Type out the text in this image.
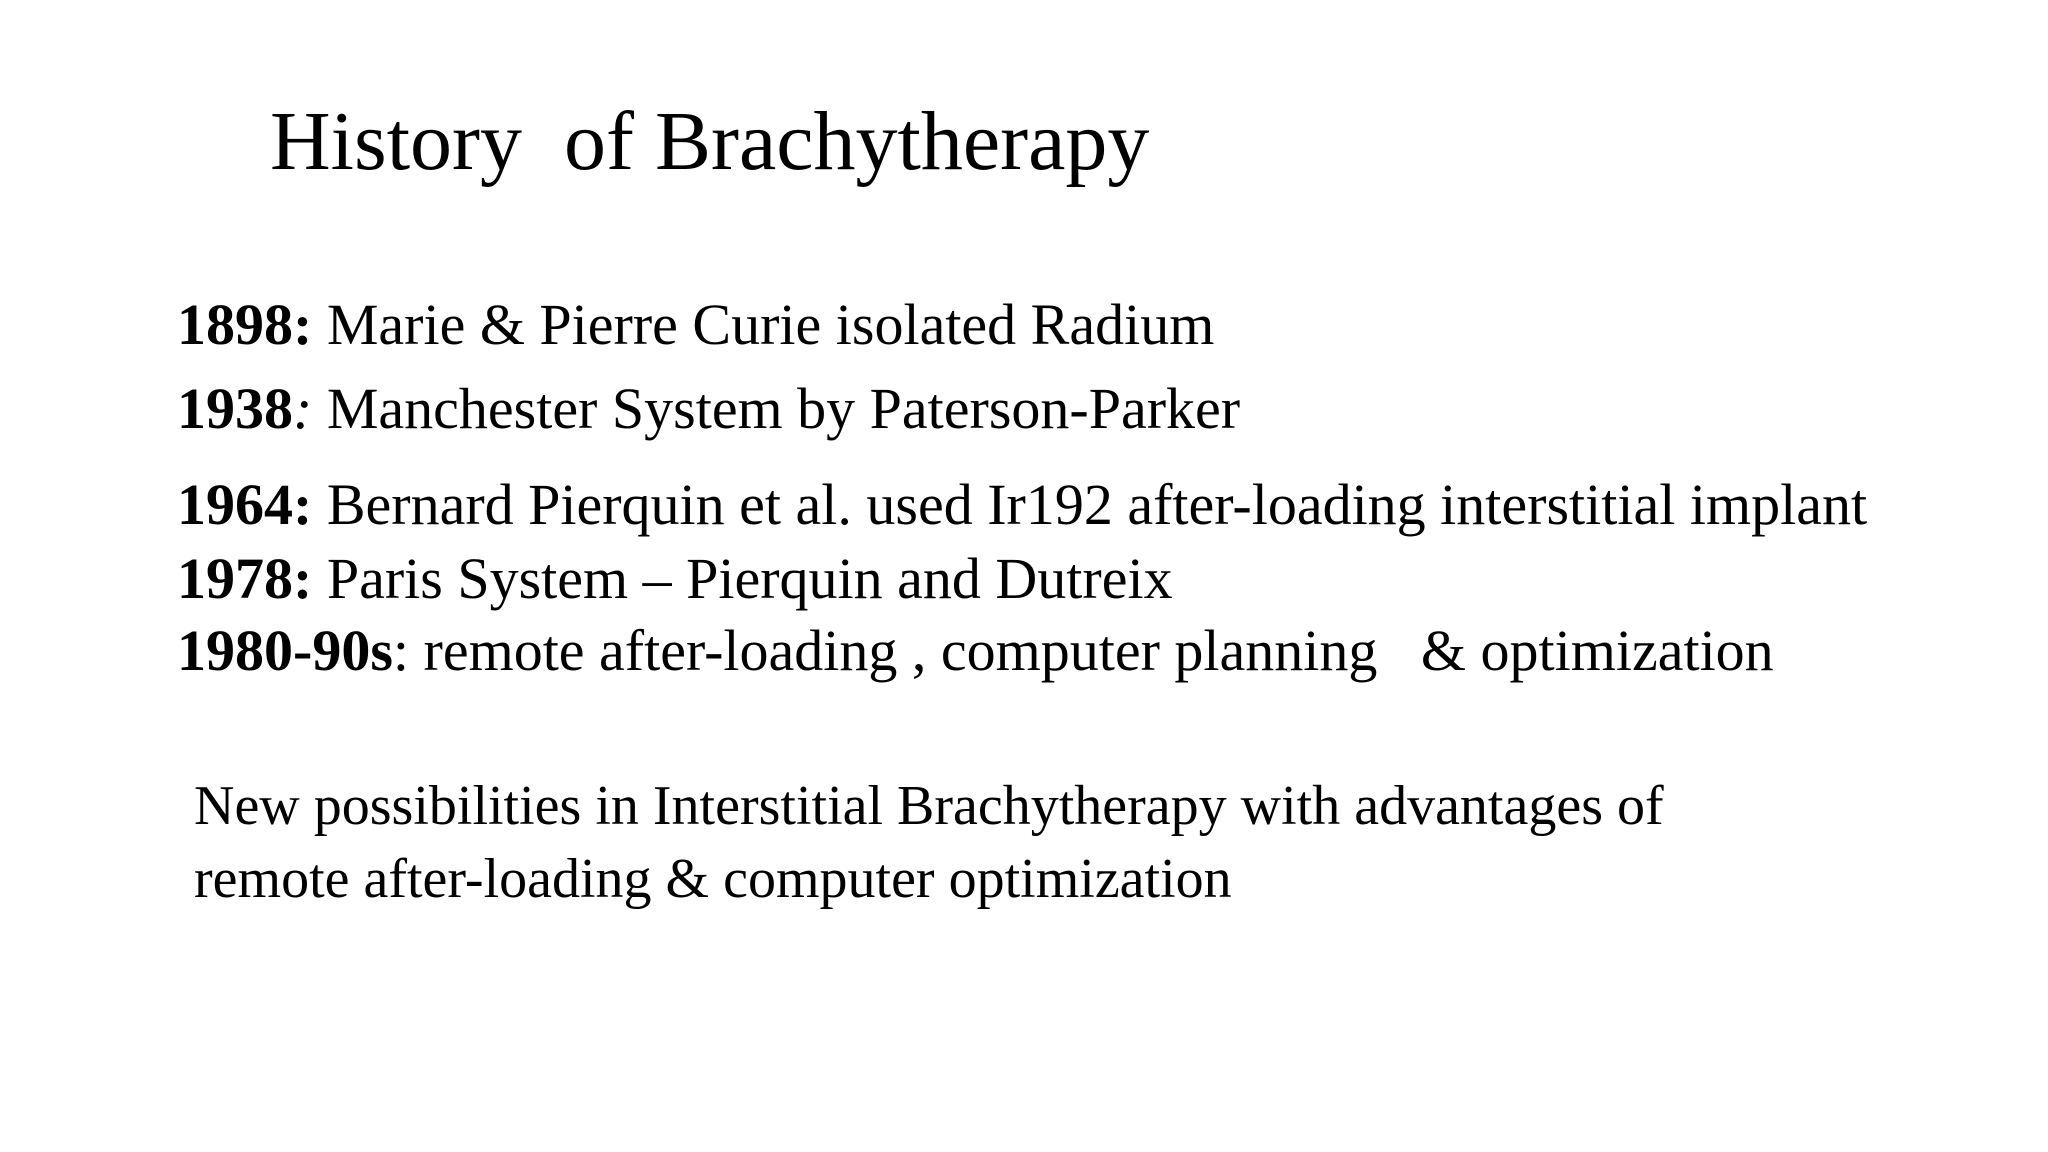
History  of Brachytherapy
1898: Marie & Pierre Curie isolated Radium
1938: Manchester System by Paterson-Parker
1964: Bernard Pierquin et al. used Ir192 after-loading interstitial implant
1978: Paris System – Pierquin and Dutreix
1980-90s: remote after-loading , computer planning   & optimization

New possibilities in Interstitial Brachytherapy with advantages of
remote after-loading & computer optimization
